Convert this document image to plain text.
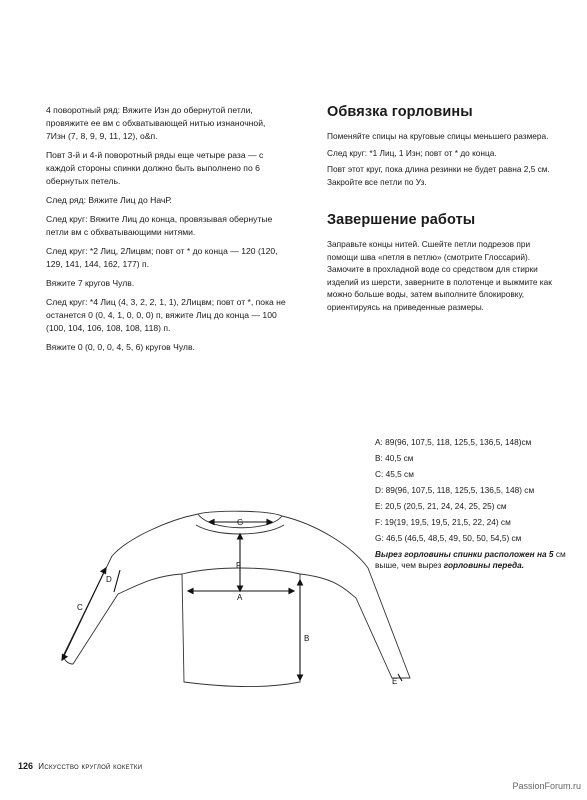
4 поворотный ряд: Вяжите Изн до обернутой петли, провяжите ее вм с обхватывающей нитью изнаночной, 7Изн (7, 8, 9, 9, 11, 12), о&п.

Повт 3-й и 4-й поворотный ряды еще четыре раза — с каждой стороны спинки должно быть выполнено по 6 обернутых петель.

След ряд: Вяжите Лиц до НачР.

След круг: Вяжите Лиц до конца, провязывая обернутые петли вм с обхватывающими нитями.

След круг: *2 Лиц, 2Лицвм; повт от * до конца — 120 (120, 129, 141, 144, 162, 177) п.

Вяжите 7 кругов Чулв.

След круг: *4 Лиц (4, 3, 2, 2, 1, 1), 2Лицвм; повт от *, пока не останется 0 (0, 4, 1, 0, 0, 0) п, вяжите Лиц до конца — 100 (100, 104, 106, 108, 108, 118) п.

Вяжите 0 (0, 0, 0, 4, 5, 6) кругов Чулв.

Обвязка горловины

Поменяйте спицы на круговые спицы меньшего размера.

След круг: *1 Лиц, 1 Изн; повт от * до конца.

Повт этот круг, пока длина резинки не будет равна 2,5 см. Закройте все петли по Уз.

Завершение работы

Заправьте концы нитей. Сшейте петли подрезов при помощи шва «петля в петлю» (смотрите Глоссарий). Замочите в прохладной воде со средством для стирки изделий из шерсти, заверните в полотенце и выжмите как можно больше воды, затем выполните блокировку, ориентируясь на приведенные размеры.

A: 89(96, 107,5, 118, 125,5, 136,5, 148)см

B: 40,5 см

C: 45,5 см

D: 89(96, 107,5, 118, 125,5, 136,5, 148) см

E: 20,5 (20,5, 21, 24, 24, 25, 25) см

F: 19(19, 19,5, 19,5, 21,5, 22, 24) см

G: 46,5 (46,5, 48,5, 49, 50, 50, 54,5) см

Вырез горловины спинки расположен на 5 см выше, чем вырез горловины переда.

G
F
A
B
C
D
E
126 Искусство круглой кокетки
PassionForum.ru
